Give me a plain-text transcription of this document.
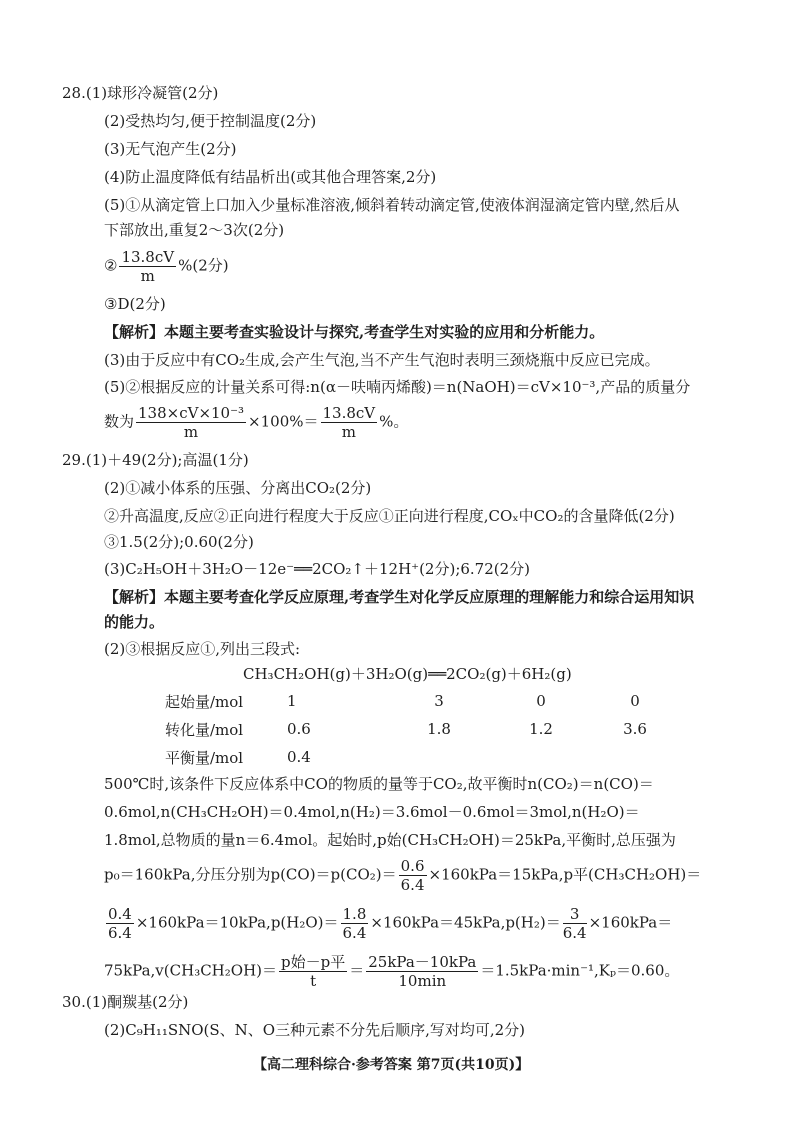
28.(1)球形冷凝管(2分)
(2)受热均匀,便于控制温度(2分)
(3)无气泡产生(2分)
(4)防止温度降低有结晶析出(或其他合理答案,2分)
(5)①从滴定管上口加入少量标准溶液,倾斜着转动滴定管,使液体润湿滴定管内壁,然后从
下部放出,重复2～3次(2分)
② $\frac{13.8cV}{m} \%(2$分)
③D(2分)
【解析】本题主要考查实验设计与探究,考查学生对实验的应用和分析能力。
(3)由于反应中有CO₂生成,会产生气泡,当不产生气泡时表明三颈烧瓶中反应已完成。
(5)②根据反应的计量关系可得:n(α－呋喃丙烯酸)＝n(NaOH)＝cV×10⁻³,产品的质量分
数为 $\frac{\text{138×cV×10⁻³}}{m} \times 100\%= \frac{13.8cV}{m}$ %。
29.(1)＋49(2分);高温(1分)
(2)①减小体系的压强、分离出CO₂(2分)
②升高温度,反应②正向进行程度大于反应①正向进行程度,COₓ中CO₂的含量降低(2分)
③1.5(2分);0.60(2分)
(3)C₂H₅OH＋3H₂O－12e⁻══2CO₂↑＋12H⁺(2分);6.72(2分)
【解析】本题主要考查化学反应原理,考查学生对化学反应原理的理解能力和综合运用知识
的能力。
(2)③根据反应①,列出三段式:
CH₃CH₂OH(g)＋3H₂O(g)══2CO₂(g)＋6H₂(g)
起始量/mol	1	3	0	0
转化量/mol	0.6	1.8	1.2	3.6
平衡量/mol	0.4			
500℃时,该条件下反应体系中CO的物质的量等于CO₂,故平衡时n(CO₂)＝n(CO)＝
0.6mol,n(CH₃CH₂OH)＝0.4mol,n(H₂)＝3.6mol－0.6mol＝3mol,n(H₂O)＝
1.8mol,总物质的量n＝6.4mol。起始时,p始(CH₃CH₂OH)＝25kPa,平衡时,总压强为
p₀＝160kPa,分压分别为$p(CO)=p(CO_2)= \frac{0.6}{6.4} \times 160kPa=15kPa,p$平(CH₃CH₂OH)＝
$\frac{0.4}{6.4} \times 160kPa=10kPa,p(H_2O)= \frac{1.8}{6.4} \times 160kPa=45kPa,p(H_2)= \frac{3}{6.4} \times 160kPa=$
$75kPa,v(CH_3CH_2OH)= \frac{\text{p始－p平}}{t} = \frac{\text{25kPa－10kPa}}{10\min} =1.5kPa\cdot\min^{-1},K_p=0.60$。
30.(1)酮羰基(2分)
(2)C₉H₁₁SNO(S、N、O三种元素不分先后顺序,写对均可,2分)
【高二理科综合·参考答案 第7页(共10页)】
